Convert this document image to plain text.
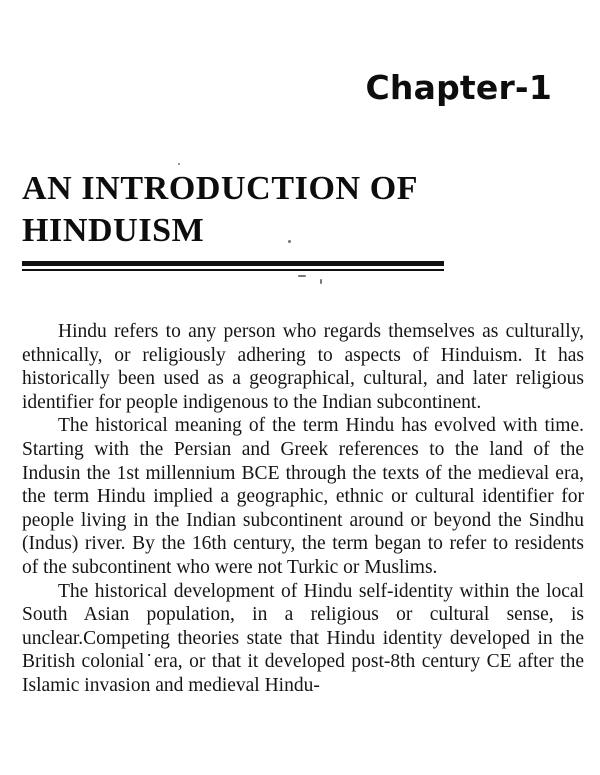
Chapter-1
AN INTRODUCTION OF
HINDUISM

Hindu refers to any person who regards themselves as culturally, ethnically, or religiously adhering to aspects of Hinduism. It has historically been used as a geographical, cultural, and later religious identifier for people indigenous to the Indian subcontinent.

The historical meaning of the term Hindu has evolved with time. Starting with the Persian and Greek references to the land of the Indusin the 1st millennium BCE through the texts of the medieval era, the term Hindu implied a geographic, ethnic or cultural identifier for people living in the Indian subcontinent around or beyond the Sindhu (Indus) river. By the 16th century, the term began to refer to residents of the subcontinent who were not Turkic or Muslims.

The historical development of Hindu self-identity within the local South Asian population, in a religious or cultural sense, is unclear.Competing theories state that Hindu identity developed in the British colonial˙era, or that it developed post-8th century CE after the Islamic invasion and medieval Hindu-
